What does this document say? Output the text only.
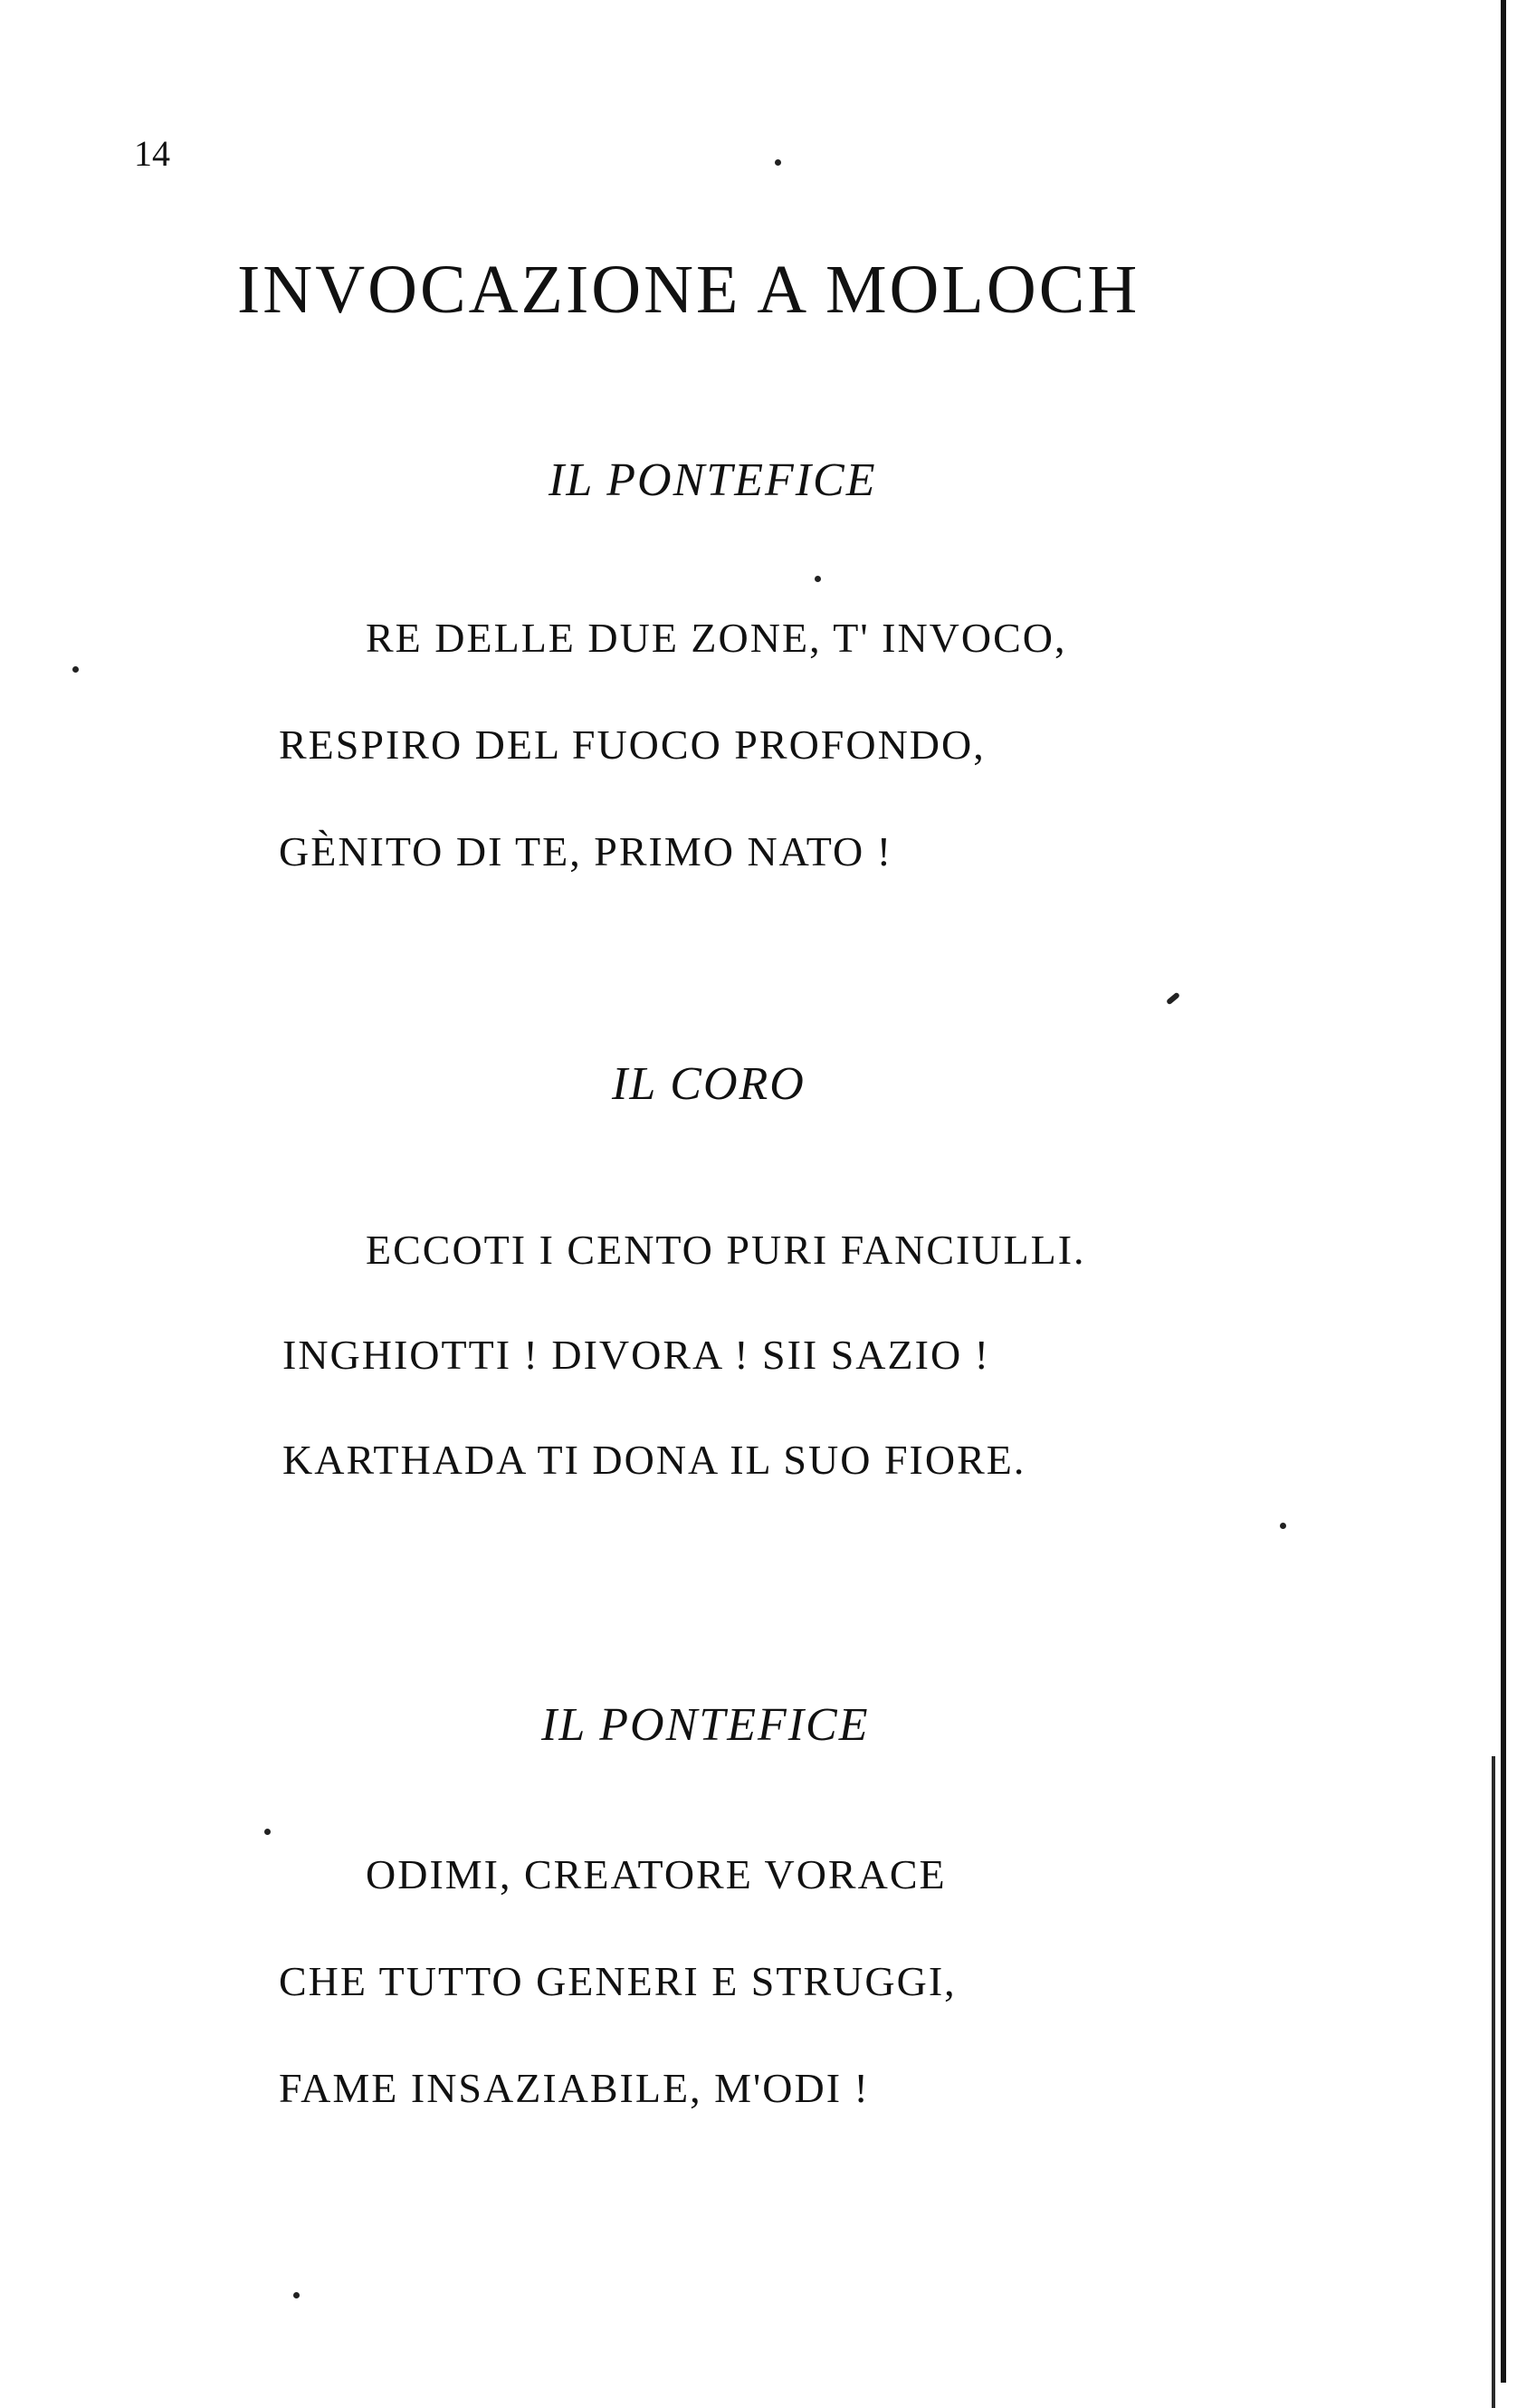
14
INVOCAZIONE A MOLOCH
IL PONTEFICE
RE DELLE DUE ZONE, T' INVOCO,
RESPIRO DEL FUOCO PROFONDO,
GÈNITO DI TE, PRIMO NATO !
IL CORO
ECCOTI I CENTO PURI FANCIULLI.
INGHIOTTI ! DIVORA ! SII SAZIO !
KARTHADA TI DONA IL SUO FIORE.
IL PONTEFICE
ODIMI, CREATORE VORACE
CHE TUTTO GENERI E STRUGGI,
FAME INSAZIABILE, M'ODI !
